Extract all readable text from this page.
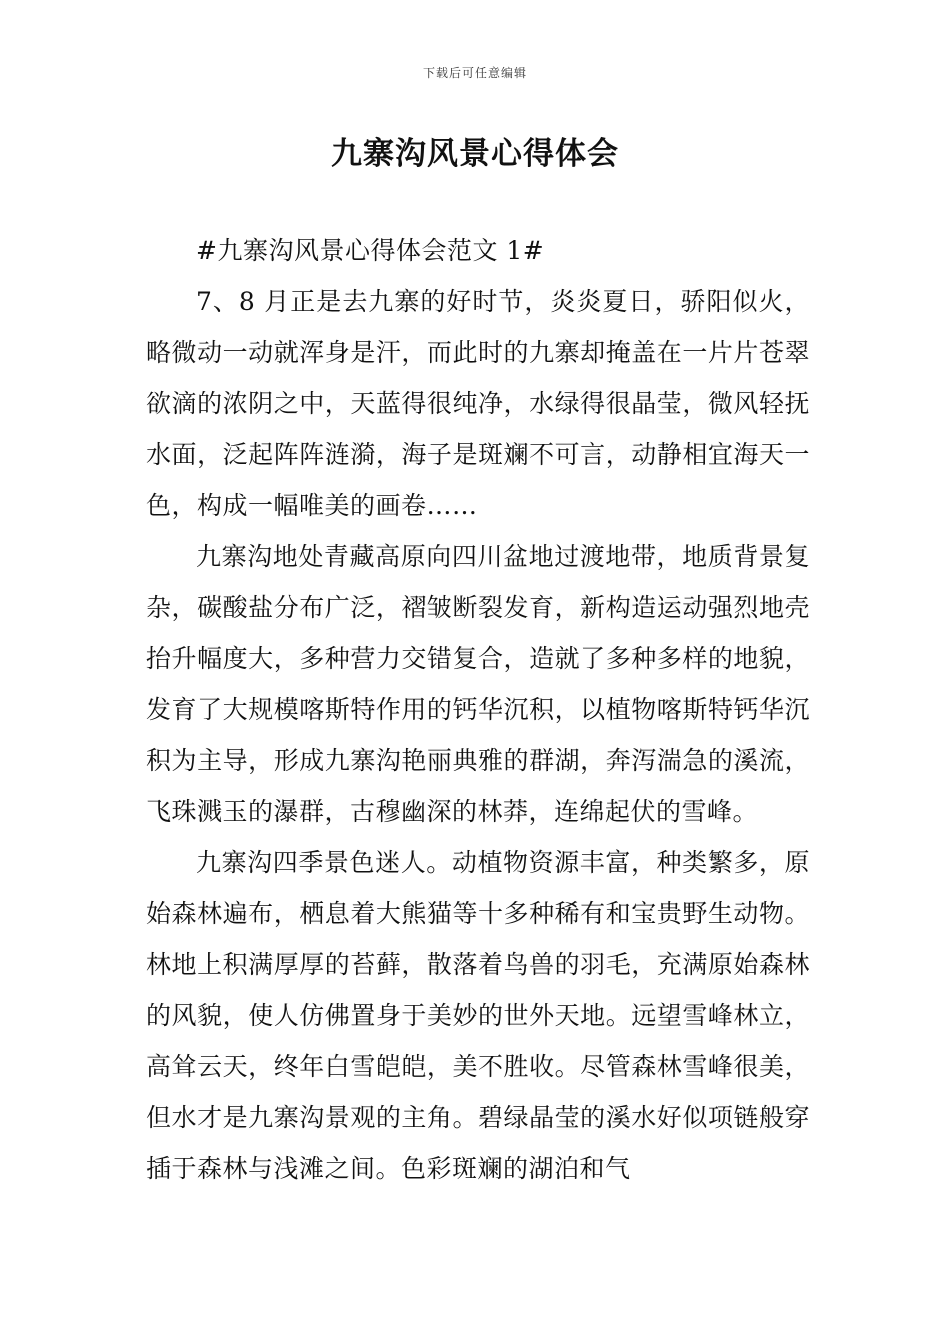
下载后可任意编辑
九寨沟风景心得体会

#九寨沟风景心得体会范文 1#

7、8 月正是去九寨的好时节，炎炎夏日，骄阳似火，略微动一动就浑身是汗，而此时的九寨却掩盖在一片片苍翠欲滴的浓阴之中，天蓝得很纯净，水绿得很晶莹，微风轻抚水面，泛起阵阵涟漪，海子是斑斓不可言，动静相宜海天一色，构成一幅唯美的画卷……

九寨沟地处青藏高原向四川盆地过渡地带，地质背景复杂，碳酸盐分布广泛，褶皱断裂发育，新构造运动强烈地壳抬升幅度大，多种营力交错复合，造就了多种多样的地貌，发育了大规模喀斯特作用的钙华沉积，以植物喀斯特钙华沉积为主导，形成九寨沟艳丽典雅的群湖，奔泻湍急的溪流，飞珠溅玉的瀑群，古穆幽深的林莽，连绵起伏的雪峰。

九寨沟四季景色迷人。动植物资源丰富，种类繁多，原始森林遍布，栖息着大熊猫等十多种稀有和宝贵野生动物。林地上积满厚厚的苔藓，散落着鸟兽的羽毛，充满原始森林的风貌，使人仿佛置身于美妙的世外天地。远望雪峰林立，高耸云天，终年白雪皑皑，美不胜收。尽管森林雪峰很美，但水才是九寨沟景观的主角。碧绿晶莹的溪水好似项链般穿插于森林与浅滩之间。色彩斑斓的湖泊和气
